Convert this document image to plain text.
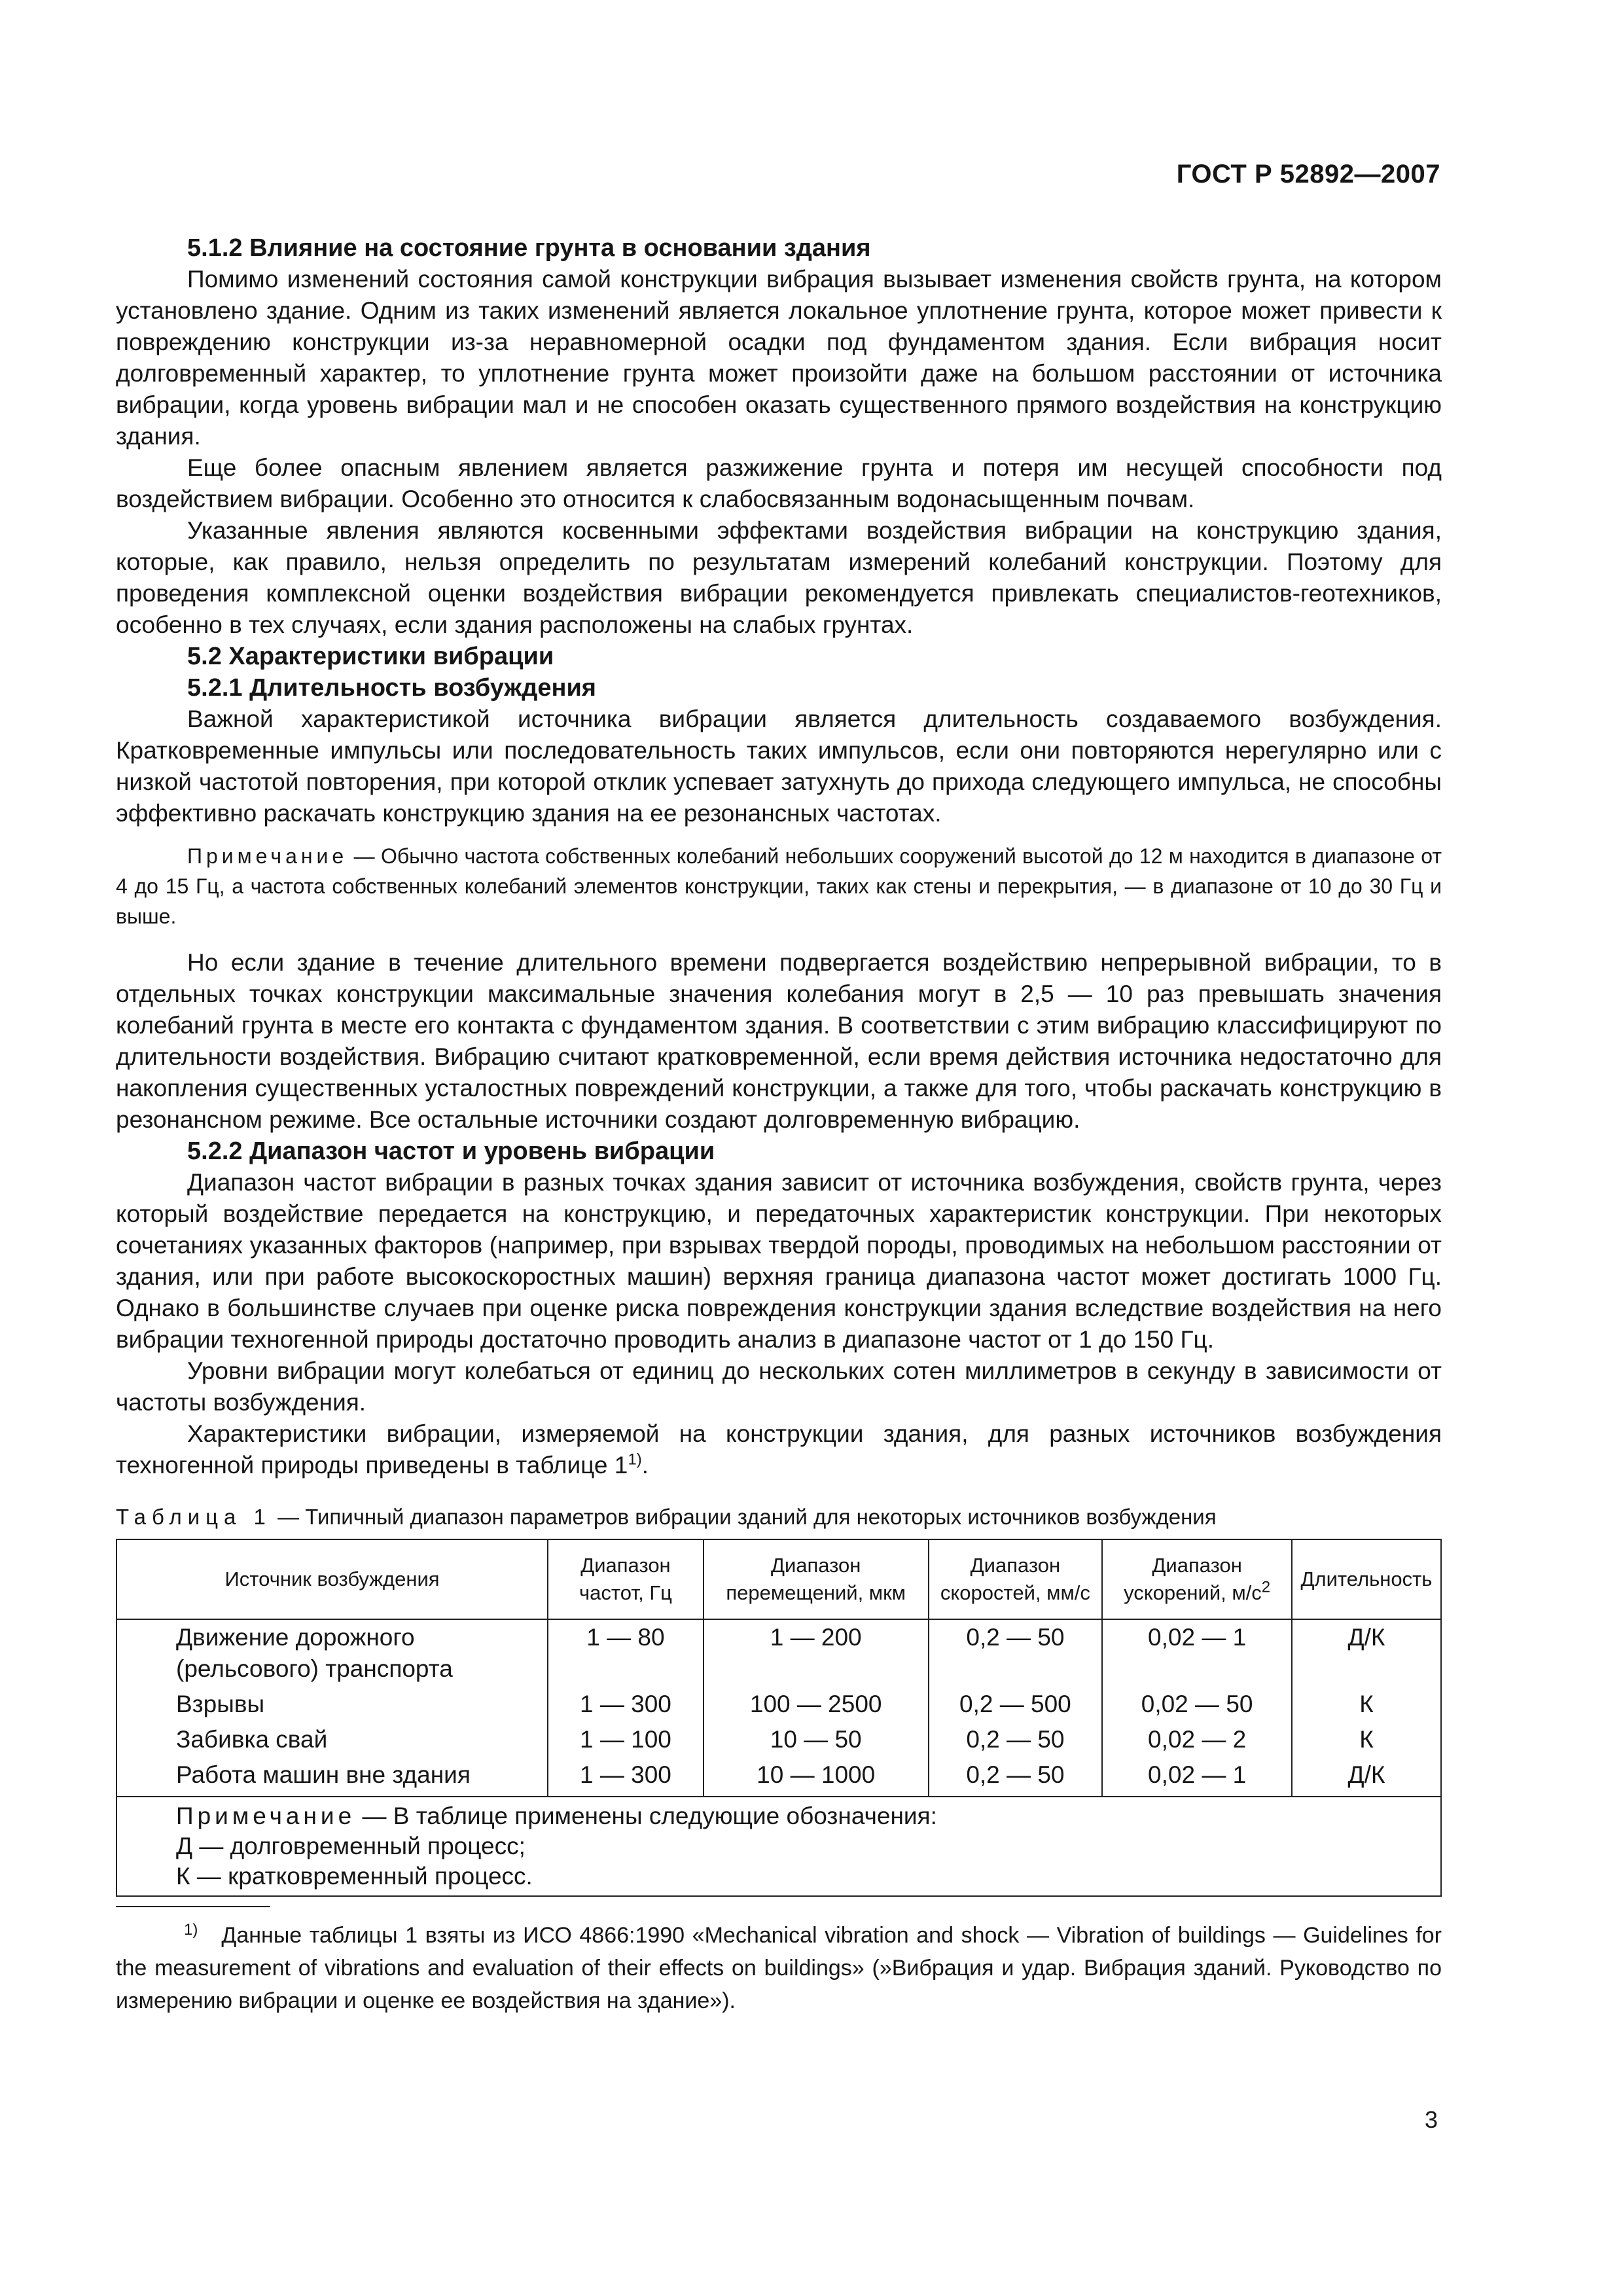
ГОСТ Р 52892—2007
5.1.2 Влияние на состояние грунта в основании здания

Помимо изменений состояния самой конструкции вибрация вызывает изменения свойств грунта, на котором установлено здание. Одним из таких изменений является локальное уплотнение грунта, которое может привести к повреждению конструкции из-за неравномерной осадки под фундаментом здания. Если вибрация носит долговременный характер, то уплотнение грунта может произойти даже на большом расстоянии от источника вибрации, когда уровень вибрации мал и не способен оказать существенного прямого воздействия на конструкцию здания.

Еще более опасным явлением является разжижение грунта и потеря им несущей способности под воздействием вибрации. Особенно это относится к слабосвязанным водонасыщенным почвам.

Указанные явления являются косвенными эффектами воздействия вибрации на конструкцию здания, которые, как правило, нельзя определить по результатам измерений колебаний конструкции. Поэтому для проведения комплексной оценки воздействия вибрации рекомендуется привлекать специалистов-геотехников, особенно в тех случаях, если здания расположены на слабых грунтах.

5.2 Характеристики вибрации
5.2.1 Длительность возбуждения

Важной характеристикой источника вибрации является длительность создаваемого возбуждения. Кратковременные импульсы или последовательность таких импульсов, если они повторяются нерегулярно или с низкой частотой повторения, при которой отклик успевает затухнуть до прихода следующего импульса, не способны эффективно раскачать конструкцию здания на ее резонансных частотах.

Примечание — Обычно частота собственных колебаний небольших сооружений высотой до 12 м находится в диапазоне от 4 до 15 Гц, а частота собственных колебаний элементов конструкции, таких как стены и перекрытия, — в диапазоне от 10 до 30 Гц и выше.

Но если здание в течение длительного времени подвергается воздействию непрерывной вибрации, то в отдельных точках конструкции максимальные значения колебания могут в 2,5 — 10 раз превышать значения колебаний грунта в месте его контакта с фундаментом здания. В соответствии с этим вибрацию классифицируют по длительности воздействия. Вибрацию считают кратковременной, если время действия источника недостаточно для накопления существенных усталостных повреждений конструкции, а также для того, чтобы раскачать конструкцию в резонансном режиме. Все остальные источники создают долговременную вибрацию.

5.2.2 Диапазон частот и уровень вибрации

Диапазон частот вибрации в разных точках здания зависит от источника возбуждения, свойств грунта, через который воздействие передается на конструкцию, и передаточных характеристик конструкции. При некоторых сочетаниях указанных факторов (например, при взрывах твердой породы, проводимых на небольшом расстоянии от здания, или при работе высокоскоростных машин) верхняя граница диапазона частот может достигать 1000 Гц. Однако в большинстве случаев при оценке риска повреждения конструкции здания вследствие воздействия на него вибрации техногенной природы достаточно проводить анализ в диапазоне частот от 1 до 150 Гц.

Уровни вибрации могут колебаться от единиц до нескольких сотен миллиметров в секунду в зависимости от частоты возбуждения.

Характеристики вибрации, измеряемой на конструкции здания, для разных источников возбуждения техногенной природы приведены в таблице 1$^{1)}$.

Таблица 1 — Типичный диапазон параметров вибрации зданий для некоторых источников возбуждения
Источник возбуждения	Диапазон частот, Гц	Диапазон перемещений, мкм	Диапазон скоростей, мм/с	Диапазон ускорений, $м/с^2$	Длительность
Движение дорожного (рельсового) транспорта	1 — 80	1 — 200	0,2 — 50	0,02 — 1	Д/К
Взрывы	1 — 300	100 — 2500	0,2 — 500	0,02 — 50	К
Забивка свай	1 — 100	10 — 50	0,2 — 50	0,02 — 2	К
Работа машин вне здания	1 — 300	10 — 1000	0,2 — 50	0,02 — 1	Д/К

Примечание — В таблице применены следующие обозначения:
Д — долговременный процесс;
К — кратковременный процесс.					
$^{1)}$ Данные таблицы 1 взяты из ИСО 4866:1990 «Mechanical vibration and shock — Vibration of buildings — Guidelines for the measurement of vibrations and evaluation of their effects on buildings» (»Вибрация и удар. Вибрация зданий. Руководство по измерению вибрации и оценке ее воздействия на здание»).
3
